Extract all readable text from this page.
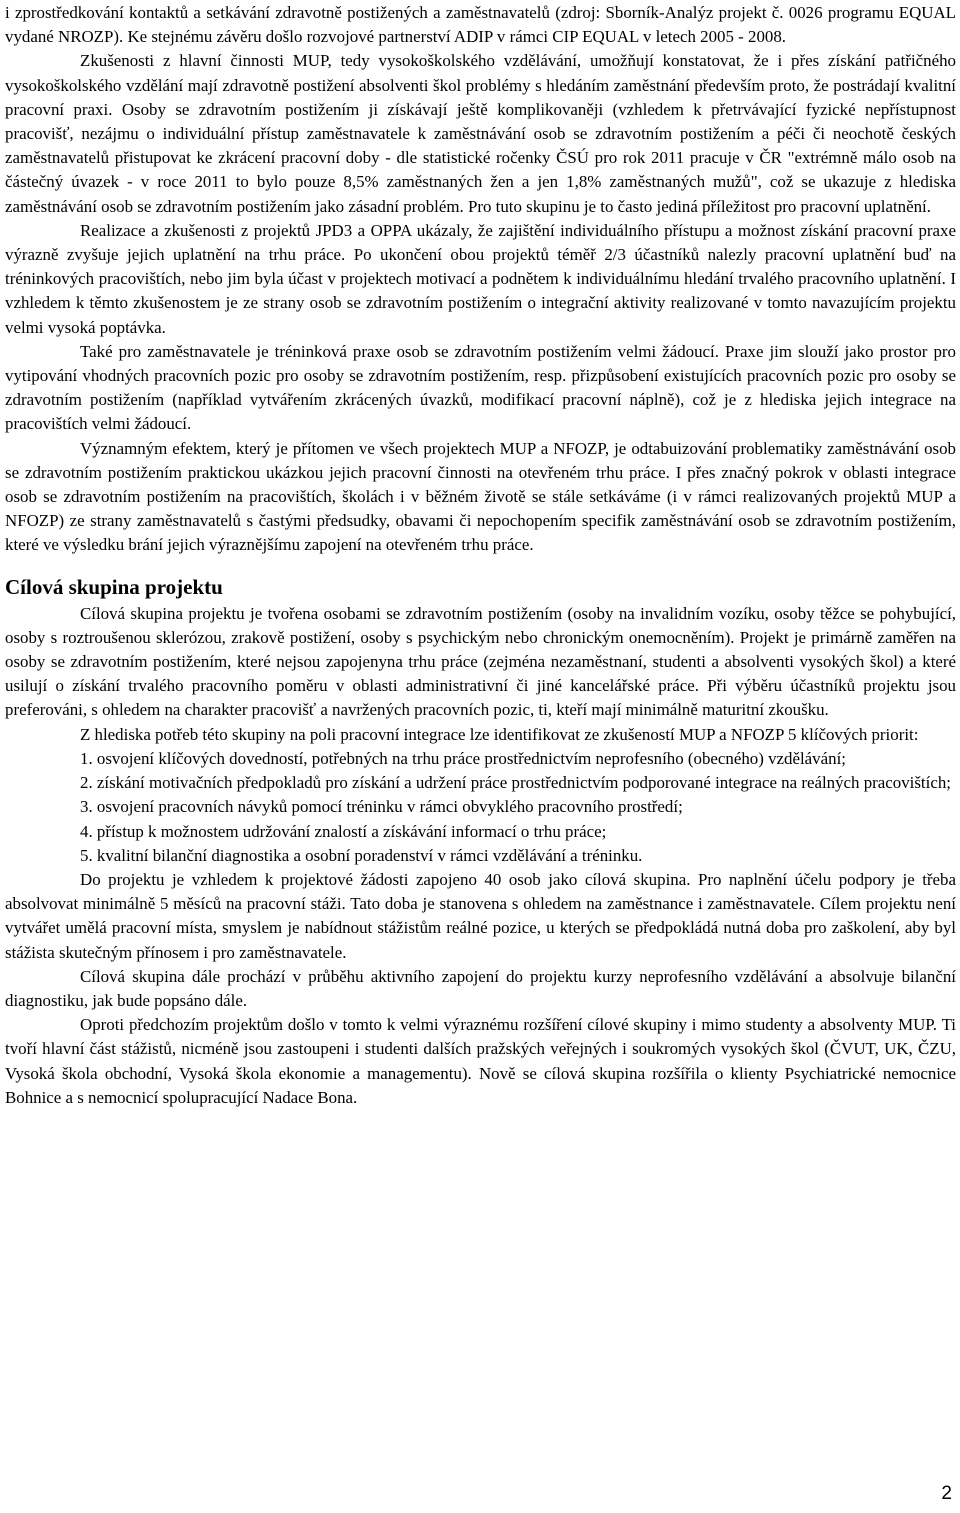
i zprostředkování kontaktů a setkávání zdravotně postižených a zaměstnavatelů (zdroj: Sborník-Analýz projekt č. 0026 programu EQUAL vydané NROZP). Ke stejnému závěru došlo rozvojové partnerství ADIP v rámci CIP EQUAL v letech 2005 - 2008.

Zkušenosti z hlavní činnosti MUP, tedy vysokoškolského vzdělávání, umožňují konstatovat, že i přes získání patřičného vysokoškolského vzdělání mají zdravotně postižení absolventi škol problémy s hledáním zaměstnání především proto, že postrádají kvalitní pracovní praxi. Osoby se zdravotním postižením ji získávají ještě komplikovaněji (vzhledem k přetrvávající fyzické nepřístupnost pracovišť, nezájmu o individuální přístup zaměstnavatele k zaměstnávání osob se zdravotním postižením a péči či neochotě českých zaměstnavatelů přistupovat ke zkrácení pracovní doby - dle statistické ročenky ČSÚ pro rok 2011 pracuje v ČR "extrémně málo osob na částečný úvazek - v roce 2011 to bylo pouze 8,5% zaměstnaných žen a jen 1,8% zaměstnaných mužů", což se ukazuje z hlediska zaměstnávání osob se zdravotním postižením jako zásadní problém. Pro tuto skupinu je to často jediná příležitost pro pracovní uplatnění.

Realizace a zkušenosti z projektů JPD3 a OPPA ukázaly, že zajištění individuálního přístupu a možnost získání pracovní praxe výrazně zvyšuje jejich uplatnění na trhu práce. Po ukončení obou projektů téměř 2/3 účastníků nalezly pracovní uplatnění buď na tréninkových pracovištích, nebo jim byla účast v projektech motivací a podnětem k individuálnímu hledání trvalého pracovního uplatnění. I vzhledem k těmto zkušenostem je ze strany osob se zdravotním postižením o integrační aktivity realizované v tomto navazujícím projektu velmi vysoká poptávka.

Také pro zaměstnavatele je tréninková praxe osob se zdravotním postižením velmi žádoucí. Praxe jim slouží jako prostor pro vytipování vhodných pracovních pozic pro osoby se zdravotním postižením, resp. přizpůsobení existujících pracovních pozic pro osoby se zdravotním postižením (například vytvářením zkrácených úvazků, modifikací pracovní náplně), což je z hlediska jejich integrace na pracovištích velmi žádoucí.

Významným efektem, který je přítomen ve všech projektech MUP a NFOZP, je odtabuizování problematiky zaměstnávání osob se zdravotním postižením praktickou ukázkou jejich pracovní činnosti na otevřeném trhu práce. I přes značný pokrok v oblasti integrace osob se zdravotním postižením na pracovištích, školách i v běžném životě se stále setkáváme (i v rámci realizovaných projektů MUP a NFOZP) ze strany zaměstnavatelů s častými předsudky, obavami či nepochopením specifik zaměstnávání osob se zdravotním postižením, které ve výsledku brání jejich výraznějšímu zapojení na otevřeném trhu práce.

Cílová skupina projektu

Cílová skupina projektu je tvořena osobami se zdravotním postižením (osoby na invalidním vozíku, osoby těžce se pohybující, osoby s roztroušenou sklerózou, zrakově postižení, osoby s psychickým nebo chronickým onemocněním). Projekt je primárně zaměřen na osoby se zdravotním postižením, které nejsou zapojenyna trhu práce (zejména nezaměstnaní, studenti a absolventi vysokých škol) a které usilují o získání trvalého pracovního poměru v oblasti administrativní či jiné kancelářské práce. Při výběru účastníků projektu jsou preferováni, s ohledem na charakter pracovišť a navržených pracovních pozic, ti, kteří mají minimálně maturitní zkoušku.

Z hlediska potřeb této skupiny na poli pracovní integrace lze identifikovat ze zkušeností MUP a NFOZP 5 klíčových priorit:

1. osvojení klíčových dovedností, potřebných na trhu práce prostřednictvím neprofesního (obecného) vzdělávání;

2. získání motivačních předpokladů pro získání a udržení práce prostřednictvím podporované integrace na reálných pracovištích;

3. osvojení pracovních návyků pomocí tréninku v rámci obvyklého pracovního prostředí;

4. přístup k možnostem udržování znalostí a získávání informací o trhu práce;

5. kvalitní bilanční diagnostika a osobní poradenství v rámci vzdělávání a tréninku.

Do projektu je vzhledem k projektové žádosti zapojeno 40 osob jako cílová skupina. Pro naplnění účelu podpory je třeba absolvovat minimálně 5 měsíců na pracovní stáži. Tato doba je stanovena s ohledem na zaměstnance i zaměstnavatele. Cílem projektu není vytvářet umělá pracovní místa, smyslem je nabídnout stážistům reálné pozice, u kterých se předpokládá nutná doba pro zaškolení, aby byl stážista skutečným přínosem i pro zaměstnavatele.

Cílová skupina dále prochází v průběhu aktivního zapojení do projektu kurzy neprofesního vzdělávání a absolvuje bilanční diagnostiku, jak bude popsáno dále.

Oproti předchozím projektům došlo v tomto k velmi výraznému rozšíření cílové skupiny i mimo studenty a absolventy MUP. Ti tvoří hlavní část stážistů, nicméně jsou zastoupeni i studenti dalších pražských veřejných i soukromých vysokých škol (ČVUT, UK, ČZU, Vysoká škola obchodní, Vysoká škola ekonomie a managementu). Nově se cílová skupina rozšířila o klienty Psychiatrické nemocnice Bohnice a s nemocnicí spolupracující Nadace Bona.

2
